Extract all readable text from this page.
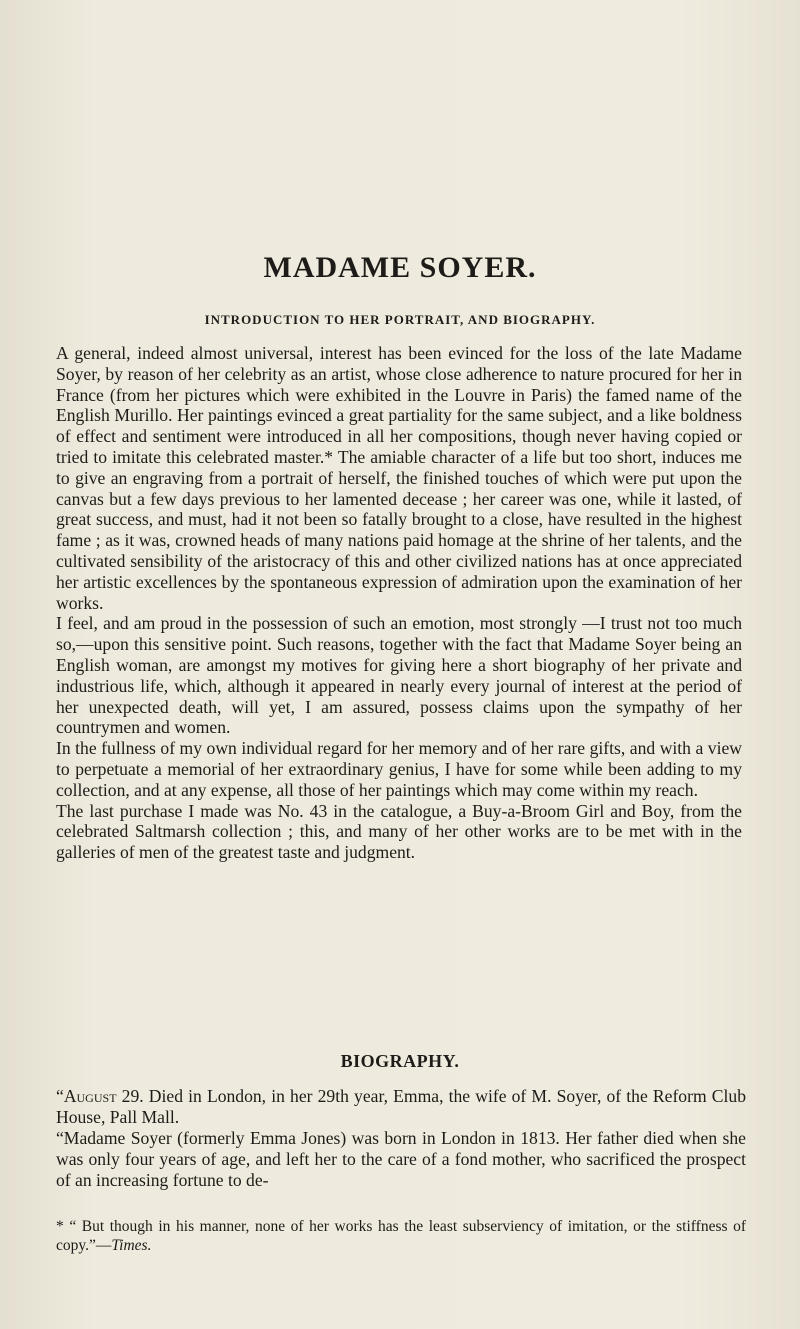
MADAME SOYER.
INTRODUCTION TO HER PORTRAIT, AND BIOGRAPHY.

A general, indeed almost universal, interest has been evinced for the loss of the late Madame Soyer, by reason of her celebrity as an artist, whose close adherence to nature procured for her in France (from her pictures which were exhibited in the Louvre in Paris) the famed name of the English Murillo. Her paintings evinced a great partiality for the same subject, and a like boldness of effect and sentiment were introduced in all her compositions, though never having copied or tried to imitate this celebrated master.* The amiable character of a life but too short, induces me to give an engraving from a portrait of herself, the finished touches of which were put upon the canvas but a few days previous to her lamented decease ; her career was one, while it lasted, of great success, and must, had it not been so fatally brought to a close, have resulted in the highest fame ; as it was, crowned heads of many nations paid homage at the shrine of her talents, and the cultivated sensibility of the aristocracy of this and other civilized nations has at once appreciated her artistic excellences by the spontaneous expression of admiration upon the examination of her works.

I feel, and am proud in the possession of such an emotion, most strongly —I trust not too much so,—upon this sensitive point. Such reasons, together with the fact that Madame Soyer being an English woman, are amongst my motives for giving here a short biography of her private and industrious life, which, although it appeared in nearly every journal of interest at the period of her unexpected death, will yet, I am assured, possess claims upon the sympathy of her countrymen and women.

In the fullness of my own individual regard for her memory and of her rare gifts, and with a view to perpetuate a memorial of her extraordinary genius, I have for some while been adding to my collection, and at any expense, all those of her paintings which may come within my reach.

The last purchase I made was No. 43 in the catalogue, a Buy-a-Broom Girl and Boy, from the celebrated Saltmarsh collection ; this, and many of her other works are to be met with in the galleries of men of the greatest taste and judgment.

BIOGRAPHY.

“August 29. Died in London, in her 29th year, Emma, the wife of M. Soyer, of the Reform Club House, Pall Mall.

“Madame Soyer (formerly Emma Jones) was born in London in 1813. Her father died when she was only four years of age, and left her to the care of a fond mother, who sacrificed the prospect of an increasing fortune to de-

* “ But though in his manner, none of her works has the least subserviency of imitation, or the stiffness of copy.”—Times.
